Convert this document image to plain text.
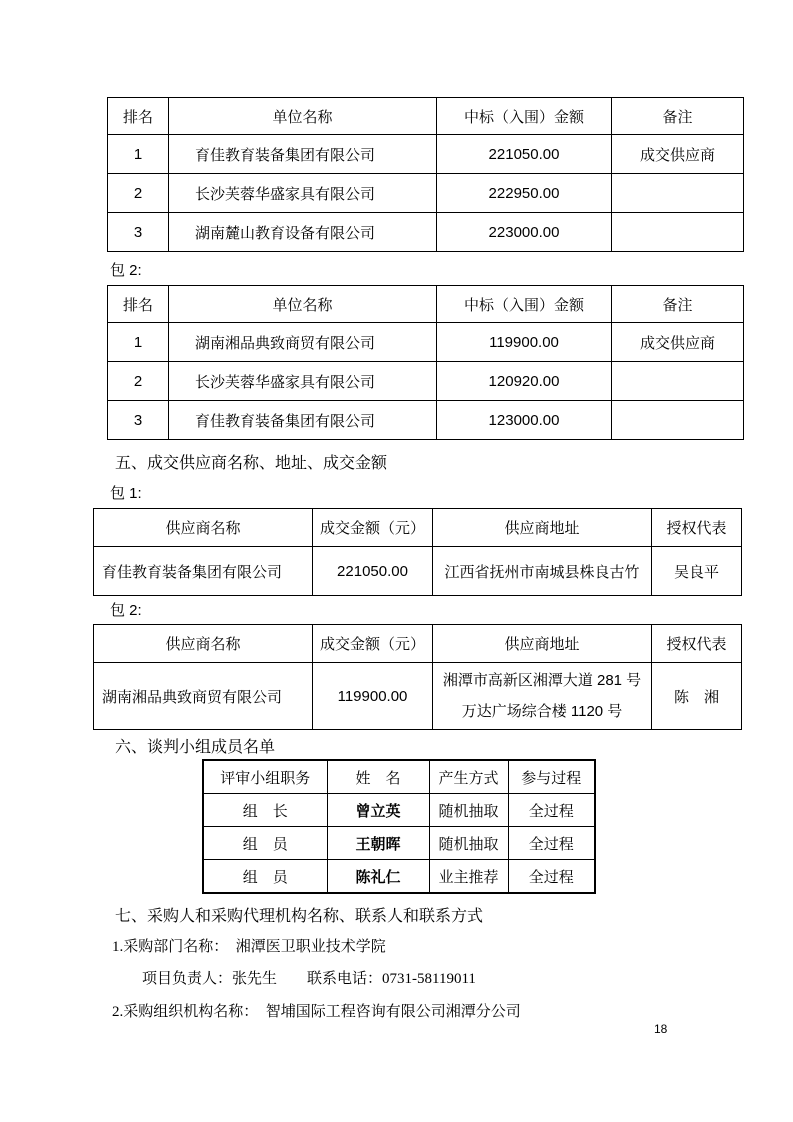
排名	单位名称	中标（入围）金额	备注
1	育佳教育装备集团有限公司	221050.00	成交供应商
2	长沙芙蓉华盛家具有限公司	222950.00	
3	湖南麓山教育设备有限公司	223000.00	
包 2:
排名	单位名称	中标（入围）金额	备注
1	湖南湘品典致商贸有限公司	119900.00	成交供应商
2	长沙芙蓉华盛家具有限公司	120920.00	
3	育佳教育装备集团有限公司	123000.00	
五、成交供应商名称、地址、成交金额
包 1:
供应商名称	成交金额（元）	供应商地址	授权代表
育佳教育装备集团有限公司	221050.00	江西省抚州市南城县株良古竹	吴良平
包 2:
供应商名称	成交金额（元）	供应商地址	授权代表
湖南湘品典致商贸有限公司	119900.00	湘潭市高新区湘潭大道 281 号万达广场综合楼 1120 号	陈　湘
六、谈判小组成员名单
评审小组职务	姓　名	产生方式	参与过程
组　长	曾立英	随机抽取	全过程
组　员	王朝晖	随机抽取	全过程
组　员	陈礼仁	业主推荐	全过程
七、采购人和采购代理机构名称、联系人和联系方式
1.采购部门名称：　湘潭医卫职业技术学院
项目负责人：张先生　　联系电话：0731-58119011
2.采购组织机构名称：　智埔国际工程咨询有限公司湘潭分公司
18
